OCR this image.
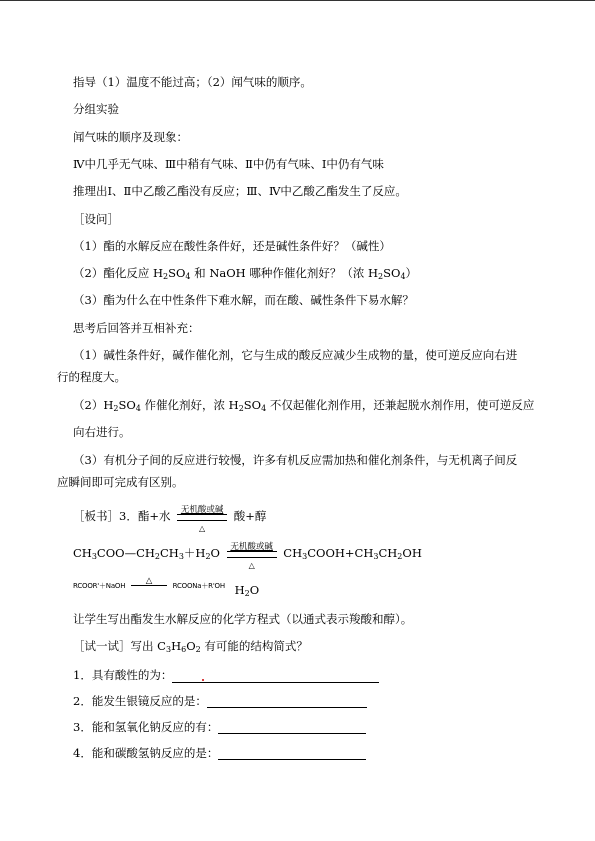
指导（1）温度不能过高；（2）闻气味的顺序。
分组实验
闻气味的顺序及现象：
Ⅳ中几乎无气味、Ⅲ中稍有气味、Ⅱ中仍有气味、Ⅰ中仍有气味
推理出Ⅰ、Ⅱ中乙酸乙酯没有反应；Ⅲ、Ⅳ中乙酸乙酯发生了反应。
［设问］
（1）酯的水解反应在酸性条件好，还是碱性条件好？（碱性）
（2）酯化反应 $H_2SO_4$ 和 NaOH 哪种作催化剂好？（浓 $H_2SO_4$）
（3）酯为什么在中性条件下难水解，而在酸、碱性条件下易水解？
思考后回答并互相补充：
（1）碱性条件好，碱作催化剂，它与生成的酸反应减少生成物的量，使可逆反应向右进
行的程度大。
$(2)H_2SO_4$ 作催化剂好，浓 $H_2SO_4$ 不仅起催化剂作用，还兼起脱水剂作用，使可逆反应
向右进行。
（3）有机分子间的反应进行较慢，许多有机反应需加热和催化剂条件，与无机离子间反
应瞬间即可完成有区别。
［板书］3．酯+水	无机酸或碱
△
酸+醇
$CH_3COO—CH_2CH_3+H_2O$	无机酸或碱
△
$CH_3COOH+CH_3CH_2OH$
RCOOR'＋NaOH
△
RCOONa＋R'OH $H_2O$
让学生写出酯发生水解反应的化学方程式（以通式表示羧酸和醇）。
［试一试］写出 $C_3H_6O_2$ 有可能的结构简式？
1．具有酸性的为：
2．能发生银镜反应的是：
3．能和氢氧化钠反应的有：
4．能和碳酸氢钠反应的是：
